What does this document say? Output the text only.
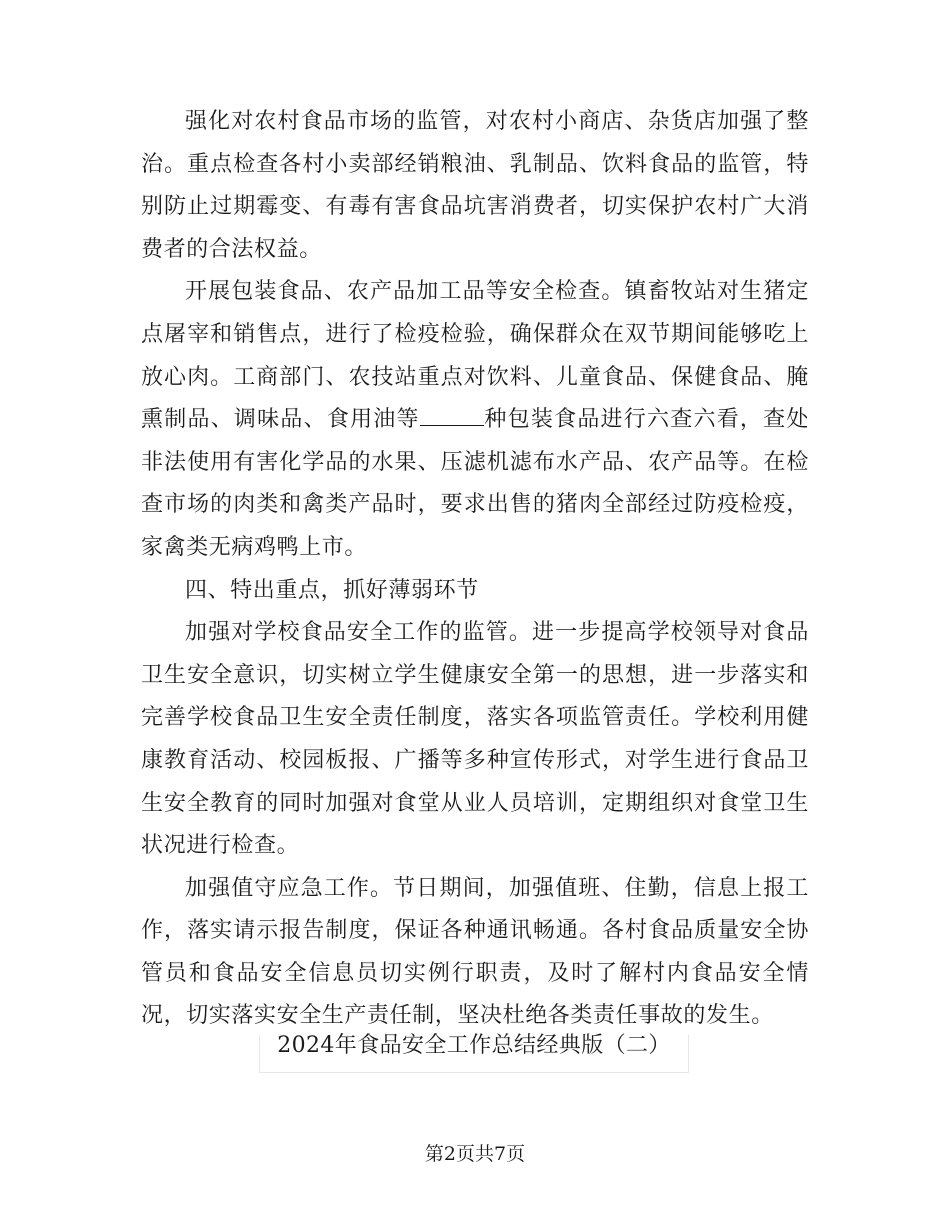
强化对农村食品市场的监管，对农村小商店、杂货店加强了整治。重点检查各村小卖部经销粮油、乳制品、饮料食品的监管，特别防止过期霉变、有毒有害食品坑害消费者，切实保护农村广大消费者的合法权益。

开展包装食品、农产品加工品等安全检查。镇畜牧站对生猪定点屠宰和销售点，进行了检疫检验，确保群众在双节期间能够吃上放心肉。工商部门、农技站重点对饮料、儿童食品、保健食品、腌熏制品、调味品、食用油等	种包装食品进行六查六看，查处非法使用有害化学品的水果、压滤机滤布水产品、农产品等。在检查市场的肉类和禽类产品时，要求出售的猪肉全部经过防疫检疫，家禽类无病鸡鸭上市。

四、特出重点，抓好薄弱环节

加强对学校食品安全工作的监管。进一步提高学校领导对食品卫生安全意识，切实树立学生健康安全第一的思想，进一步落实和完善学校食品卫生安全责任制度，落实各项监管责任。学校利用健康教育活动、校园板报、广播等多种宣传形式，对学生进行食品卫生安全教育的同时加强对食堂从业人员培训，定期组织对食堂卫生状况进行检查。

加强值守应急工作。节日期间，加强值班、住勤，信息上报工作，落实请示报告制度，保证各种通讯畅通。各村食品质量安全协管员和食品安全信息员切实例行职责，及时了解村内食品安全情况，切实落实安全生产责任制，坚决杜绝各类责任事故的发生。

2024年食品安全工作总结经典版（二）
第2页共7页
